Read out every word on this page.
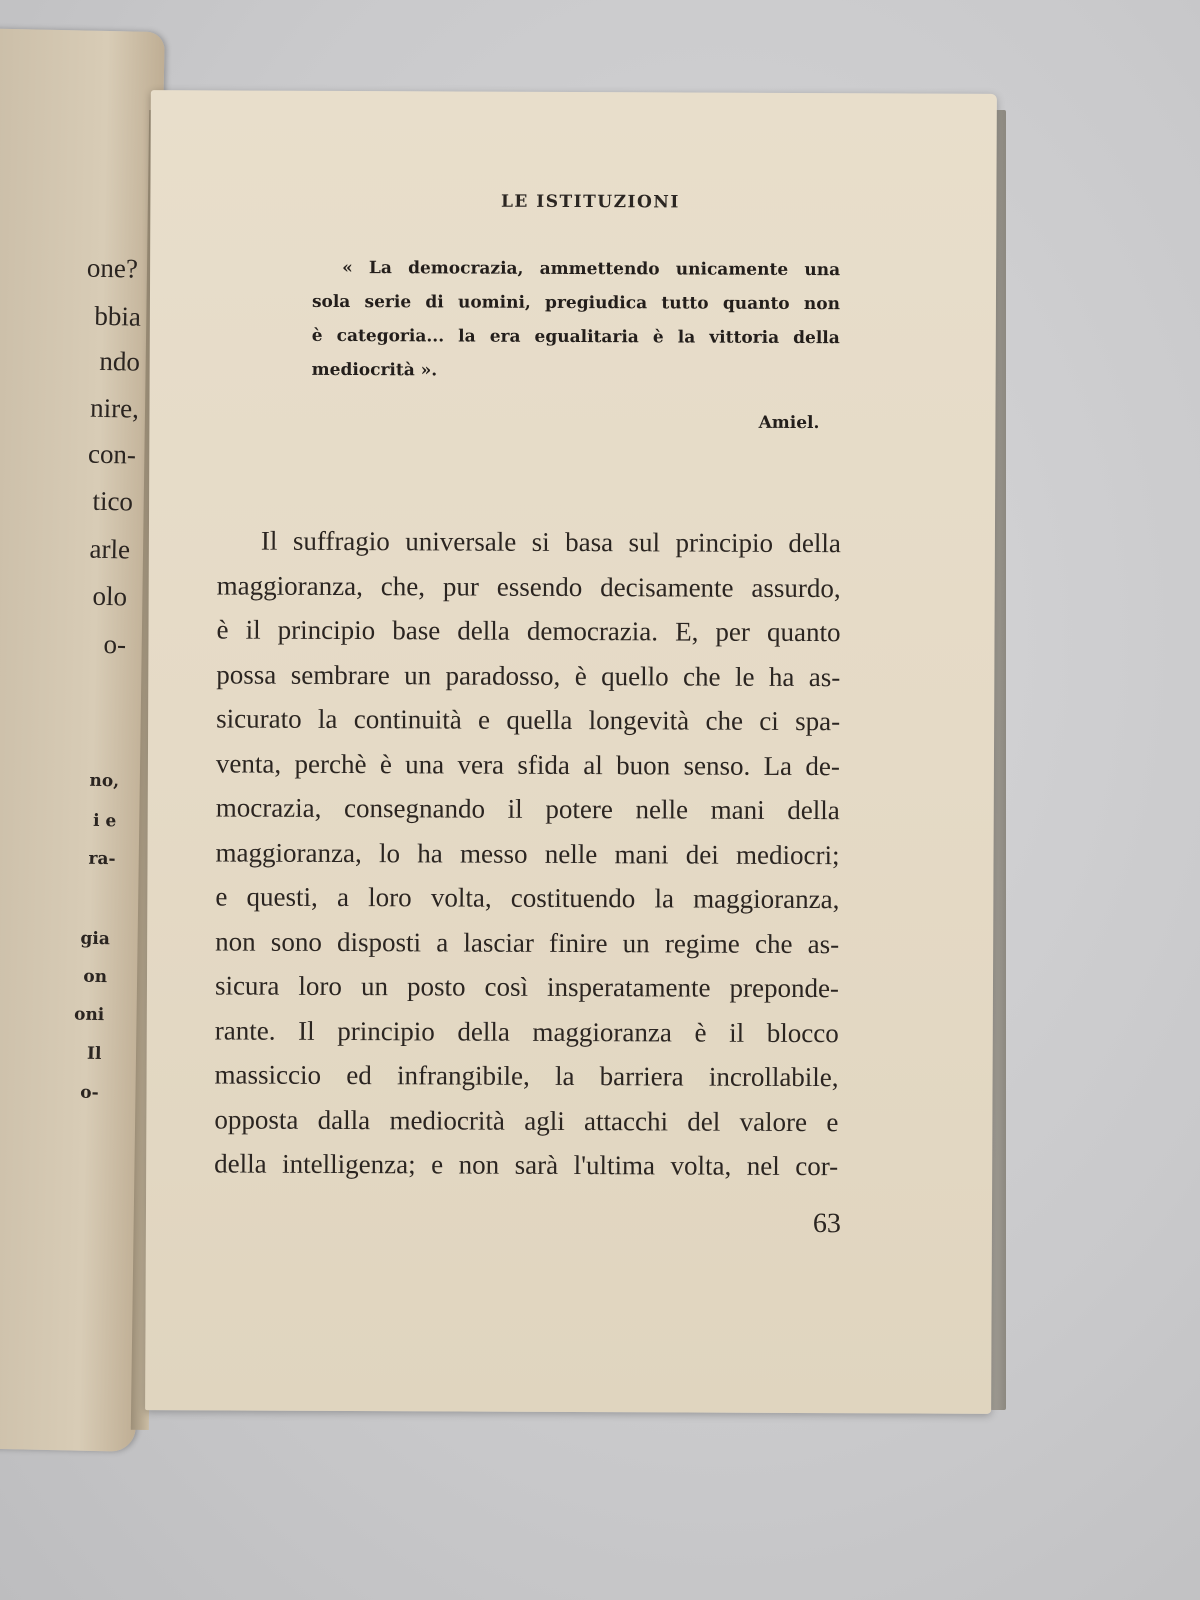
one?
bbia
ndo
nire,
con-
tico
arle
olo
o-
no,
i e
ra-
gia
on
oni
Il
o-
LE ISTITUZIONI
« La democrazia, ammettendo unicamente una
sola serie di uomini, pregiudica tutto quanto non
è categoria... la era egualitaria è la vittoria della
mediocrità ».
Amiel.
Il suffragio universale si basa sul principio della
maggioranza, che, pur essendo decisamente assurdo,
è il principio base della democrazia. E, per quanto
possa sembrare un paradosso, è quello che le ha as-
sicurato la continuità e quella longevità che ci spa-
venta, perchè è una vera sfida al buon senso. La de-
mocrazia, consegnando il potere nelle mani della
maggioranza, lo ha messo nelle mani dei mediocri;
e questi, a loro volta, costituendo la maggioranza,
non sono disposti a lasciar finire un regime che as-
sicura loro un posto così insperatamente preponde-
rante. Il principio della maggioranza è il blocco
massiccio ed infrangibile, la barriera incrollabile,
opposta dalla mediocrità agli attacchi del valore e
della intelligenza; e non sarà l'ultima volta, nel cor-
63
